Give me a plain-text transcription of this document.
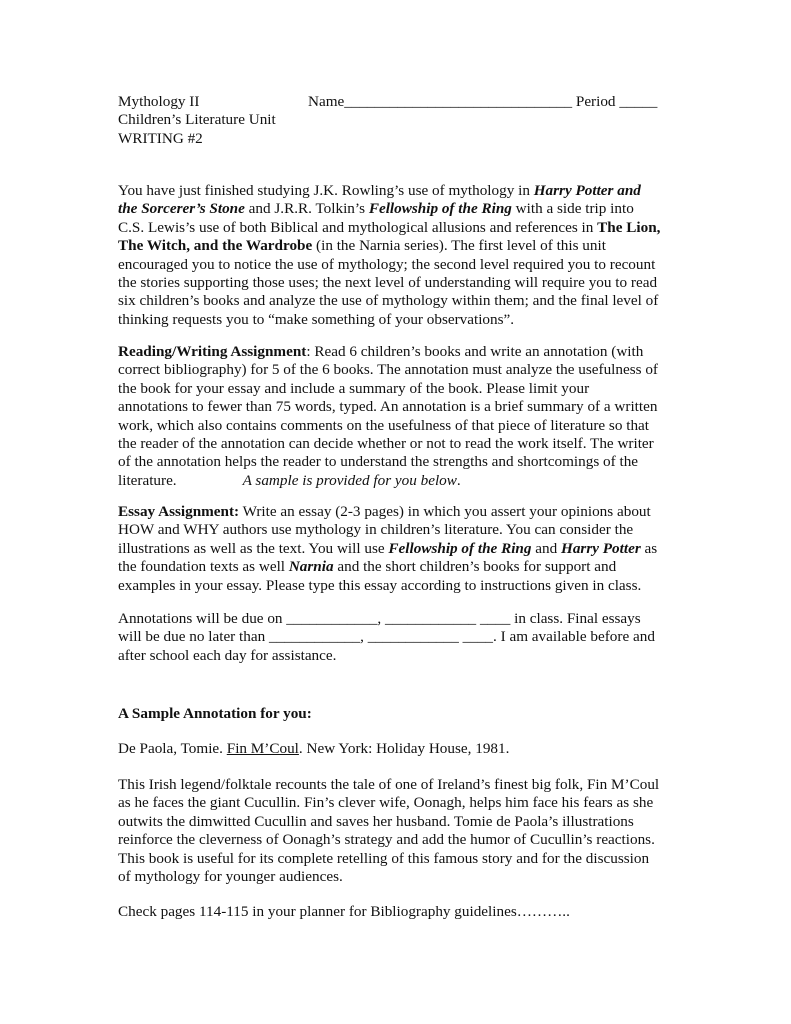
Mythology II
Children’s Literature Unit
WRITING #2
Name______________________________ Period _____
You have just finished studying J.K. Rowling’s use of mythology in Harry Potter and
the Sorcerer’s Stone and J.R.R. Tolkin’s Fellowship of the Ring with a side trip into
C.S. Lewis’s use of both Biblical and mythological allusions and references in The Lion,
The Witch, and the Wardrobe (in the Narnia series). The first level of this unit
encouraged you to notice the use of mythology; the second level required you to recount
the stories supporting those uses; the next level of understanding will require you to read
six children’s books and analyze the use of mythology within them; and the final level of
thinking requests you to “make something of your observations”.
Reading/Writing Assignment: Read 6 children’s books and write an annotation (with
correct bibliography) for 5 of the 6 books. The annotation must analyze the usefulness of
the book for your essay and include a summary of the book. Please limit your
annotations to fewer than 75 words, typed. An annotation is a brief summary of a written
work, which also contains comments on the usefulness of that piece of literature so that
the reader of the annotation can decide whether or not to read the work itself. The writer
of the annotation helps the reader to understand the strengths and shortcomings of the
literature.	A sample is provided for you below.
Essay Assignment: Write an essay (2-3 pages) in which you assert your opinions about
HOW and WHY authors use mythology in children’s literature. You can consider the
illustrations as well as the text. You will use Fellowship of the Ring and Harry Potter as
the foundation texts as well Narnia and the short children’s books for support and
examples in your essay. Please type this essay according to instructions given in class.
Annotations will be due on ____________, ____________ ____ in class. Final essays
will be due no later than ____________, ____________ ____. I am available before and
after school each day for assistance.
A Sample Annotation for you:
De Paola, Tomie. Fin M’Coul. New York: Holiday House, 1981.
This Irish legend/folktale recounts the tale of one of Ireland’s finest big folk, Fin M’Coul
as he faces the giant Cucullin. Fin’s clever wife, Oonagh, helps him face his fears as she
outwits the dimwitted Cucullin and saves her husband. Tomie de Paola’s illustrations
reinforce the cleverness of Oonagh’s strategy and add the humor of Cucullin’s reactions.
This book is useful for its complete retelling of this famous story and for the discussion
of mythology for younger audiences.
Check pages 114-115 in your planner for Bibliography guidelines………..
